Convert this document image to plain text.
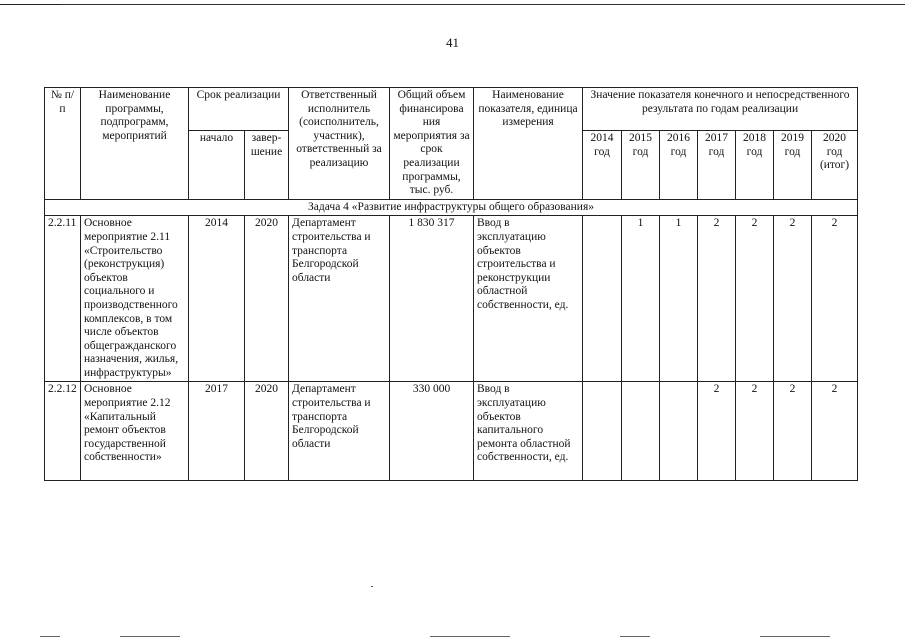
41
№ п/п	Наименование программы, подпрограмм, мероприятий	Срок реализации		Ответственный исполнитель (соисполнитель, участник), ответственный за реализацию	Общий объем финансирова ния мероприятия за срок реализации программы, тыс. руб.	Наименование показателя, единица измерения	Значение показателя конечного и непосредственного результата по годам реализации						
		начало	завер-шение				2014 год	2015 год	2016 год	2017 год	2018 год	2019 год	2020 год (итог)
Задача 4 «Развитие инфраструктуры общего образования»													
2.2.11	Основное мероприятие 2.11 «Строительство (реконструкция) объектов социального и производственного комплексов, в том числе объектов общегражданского назначения, жилья, инфраструктуры»	2014	2020	Департамент строительства и транспорта Белгородской области	1 830 317	Ввод в эксплуатацию объектов строительства и реконструкции областной собственности, ед.		1	1	2	2	2	2
2.2.12	Основное мероприятие 2.12 «Капитальный ремонт объектов государственной собственности»	2017	2020	Департамент строительства и транспорта Белгородской области	330 000	Ввод в эксплуатацию объектов капитального ремонта областной собственности, ед.				2	2	2	2
